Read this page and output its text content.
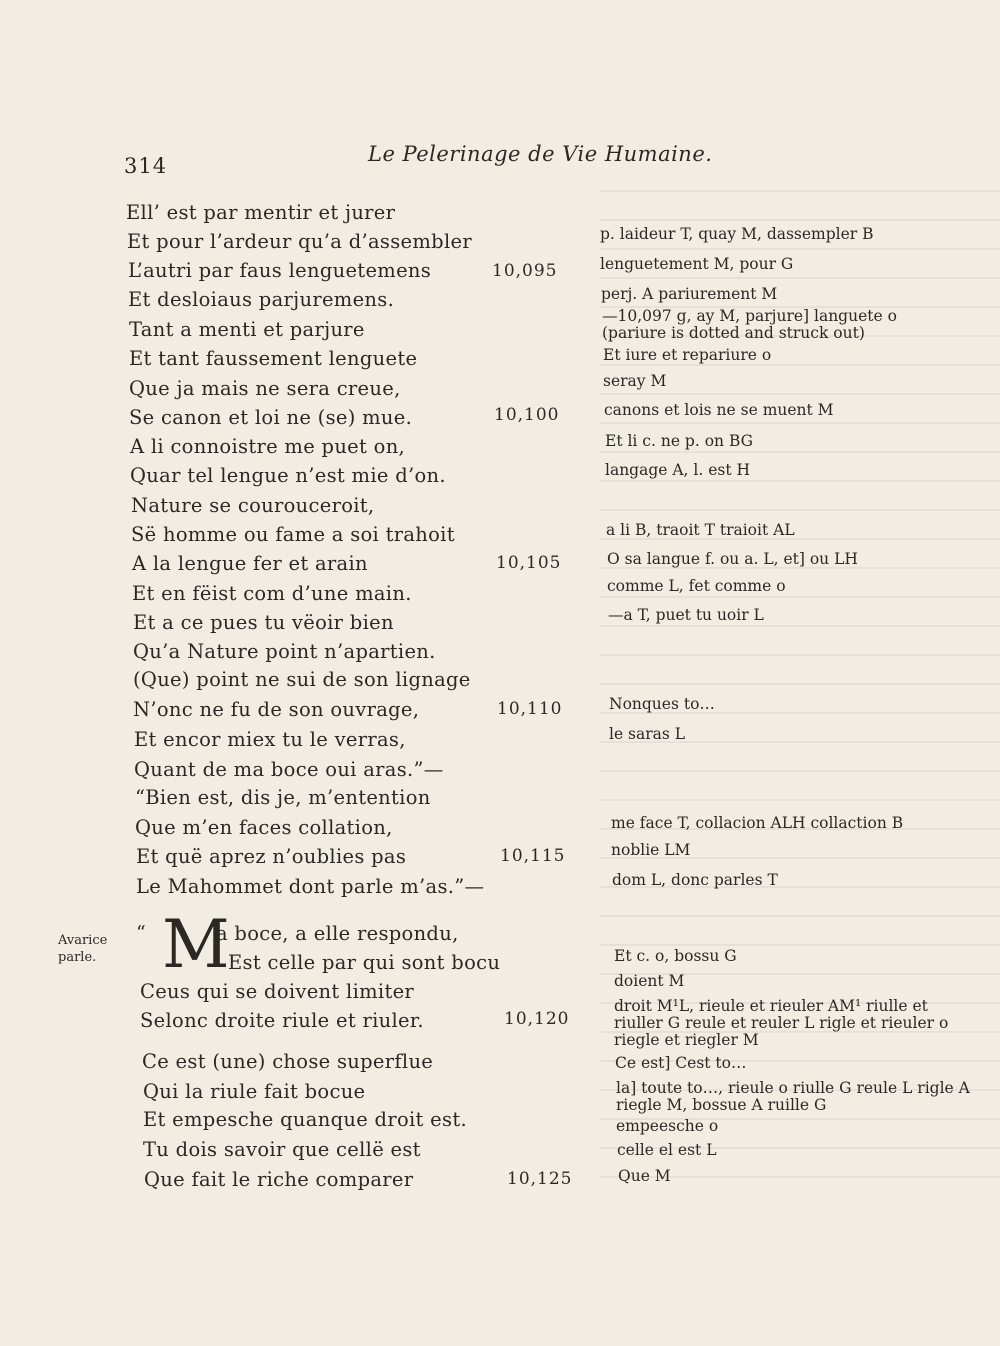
314	Le Pelerinage de Vie Humaine.
Avarice parle.
Ell’ est par mentir et jurer
Et pour l’ardeur qu’a d’assembler
L’autri par faus lenguetemens
Et desloiaus parjuremens.
Tant a menti et parjure
Et tant faussement lenguete
Que ja mais ne sera creue,
Se canon et loi ne (se) mue.
A li connoistre me puet on,
Quar tel lengue n’est mie d’on.
Nature se courouceroit,
Së homme ou fame a soi trahoit
A la lengue fer et arain
Et en fëist com d’une main.
Et a ce pues tu vëoir bien
Qu’a Nature point n’apartien.
(Que) point ne sui de son lignage
N’onc ne fu de son ouvrage,
Et encor miex tu le verras,
Quant de ma boce oui aras.”—
“Bien est, dis je, m’entention
Que m’en faces collation,
Et quë aprez n’oublies pas
Le Mahommet dont parle m’as.”—
“ M
a boce, a elle respondu,
Est celle par qui sont bocu
Ceus qui se doivent limiter
Selonc droite riule et riuler.
Ce est (une) chose superflue
Qui la riule fait bocue
Et empesche quanque droit est.
Tu dois savoir que cellë est
Que fait le riche comparer
10,095
10,100
10,105
10,110
10,115
10,120
10,125
p. laideur T, quay M, dassempler B
lenguetement M, pour G
perj. A pariurement M
—10,097 g, ay M, parjure] languete o (pariure is dotted and struck out)
Et iure et repariure o
seray M
canons et lois ne se muent M
Et li c. ne p. on BG
langage A, l. est H
a li B, traoit T traioit AL
O sa langue f. ou a. L, et] ou LH
comme L, fet comme o
—a T, puet tu uoir L
Nonques to…
le saras L
me face T, collacion ALH collaction B
noblie LM
dom L, donc parles T
Et c. o, bossu G
doient M
droit M¹L, rieule et rieuler AM¹ riulle et riuller G reule et reuler L rigle et rieuler o riegle et riegler M
Ce est] Cest to…
la] toute to…, rieule o riulle G reule L rigle A riegle M, bossue A ruille G
empeesche o
celle el est L
Que M
